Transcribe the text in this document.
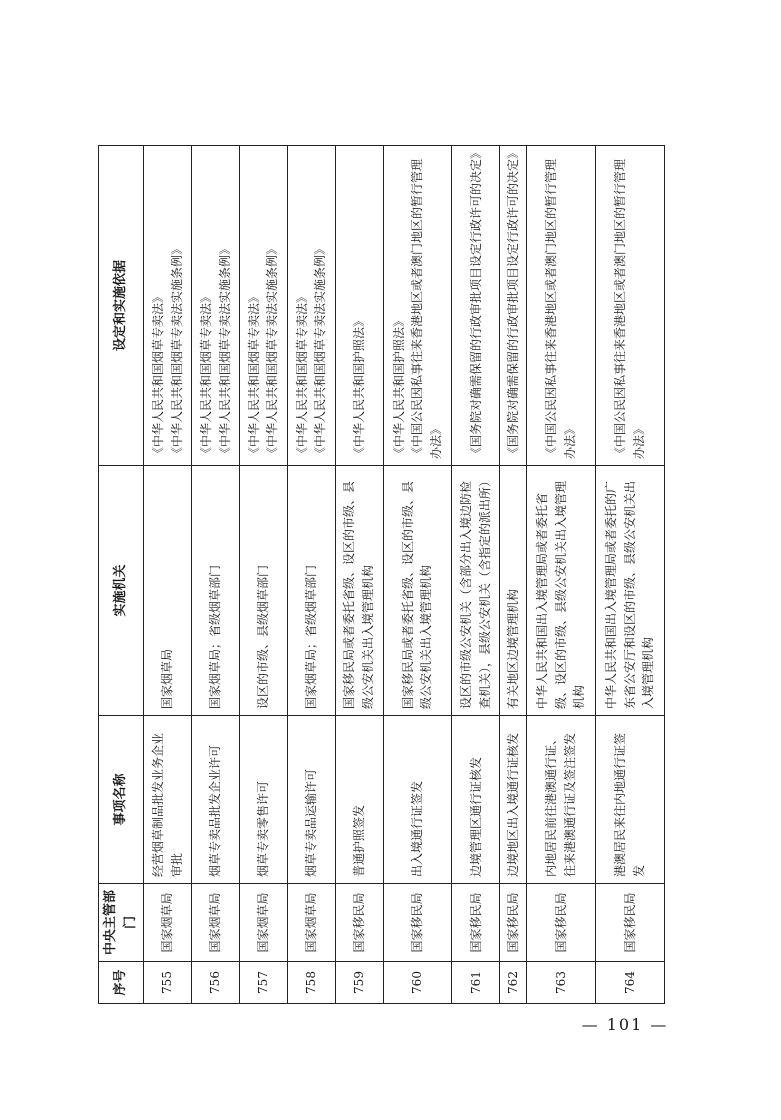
序号	中央主管部门	事项名称	实施机关	设定和实施依据
755	国家烟草局	经营烟草制品批发业务企业审批	国家烟草局	《中华人民共和国烟草专卖法》 《中华人民共和国烟草专卖法实施条例》

756	国家烟草局	烟草专卖品批发企业许可	国家烟草局；省级烟草部门	《中华人民共和国烟草专卖法》 《中华人民共和国烟草专卖法实施条例》

757	国家烟草局	烟草专卖零售许可	设区的市级、县级烟草部门	《中华人民共和国烟草专卖法》 《中华人民共和国烟草专卖法实施条例》

758	国家烟草局	烟草专卖品运输许可	国家烟草局；省级烟草部门	《中华人民共和国烟草专卖法》 《中华人民共和国烟草专卖法实施条例》

759	国家移民局	普通护照签发	国家移民局或者委托省级、设区的市级、县级公安机关出入境管理机构	《中华人民共和国护照法》

760	国家移民局	出入境通行证签发	国家移民局或者委托省级、设区的市级、县级公安机关出入境管理机构	《中华人民共和国护照法》 《中国公民因私事往来香港地区或者澳门地区的暂行管理办法》

761	国家移民局	边境管理区通行证核发	设区的市级公安机关（含部分出入境边防检查机关），县级公安机关（含指定的派出所）	《国务院对确需保留的行政审批项目设定行政许可的决定》

762	国家移民局	边境地区出入境通行证核发	有关地区边境管理机构	《国务院对确需保留的行政审批项目设定行政许可的决定》

763	国家移民局	内地居民前往港澳通行证、往来港澳通行证及签注签发	中华人民共和国出入境管理局或者委托省级、设区的市级、县级公安机关出入境管理机构	《中国公民因私事往来香港地区或者澳门地区的暂行管理办法》

764	国家移民局	港澳居民来往内地通行证签发	中华人民共和国出入境管理局或者委托的广东省公安厅和设区的市级、县级公安机关出入境管理机构	《中国公民因私事往来香港地区或者澳门地区的暂行管理办法》
— 101 —
